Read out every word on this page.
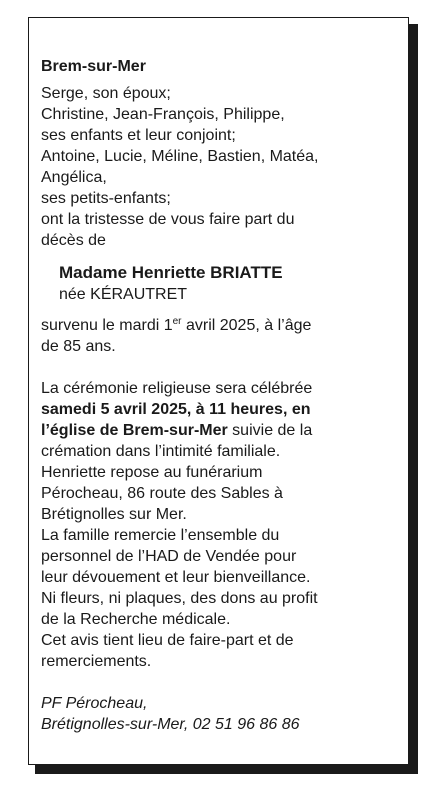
Brem-sur-Mer
Serge, son époux;
Christine, Jean-François, Philippe,
ses enfants et leur conjoint;
Antoine, Lucie, Méline, Bastien, Matéa,
Angélica,
ses petits-enfants;
ont la tristesse de vous faire part du
décès de
Madame Henriette BRIATTE
née KÉRAUTRET
survenu le mardi 1er avril 2025, à l’âge
de 85 ans.
La cérémonie religieuse sera célébrée
samedi 5 avril 2025, à 11 heures, en
l’église de Brem-sur-Mer suivie de la
crémation dans l’intimité familiale.
Henriette repose au funérarium
Pérocheau, 86 route des Sables à
Brétignolles sur Mer.
La famille remercie l’ensemble du
personnel de l’HAD de Vendée pour
leur dévouement et leur bienveillance.
Ni fleurs, ni plaques, des dons au profit
de la Recherche médicale.
Cet avis tient lieu de faire-part et de
remerciements.
PF Pérocheau,
Brétignolles-sur-Mer, 02 51 96 86 86
